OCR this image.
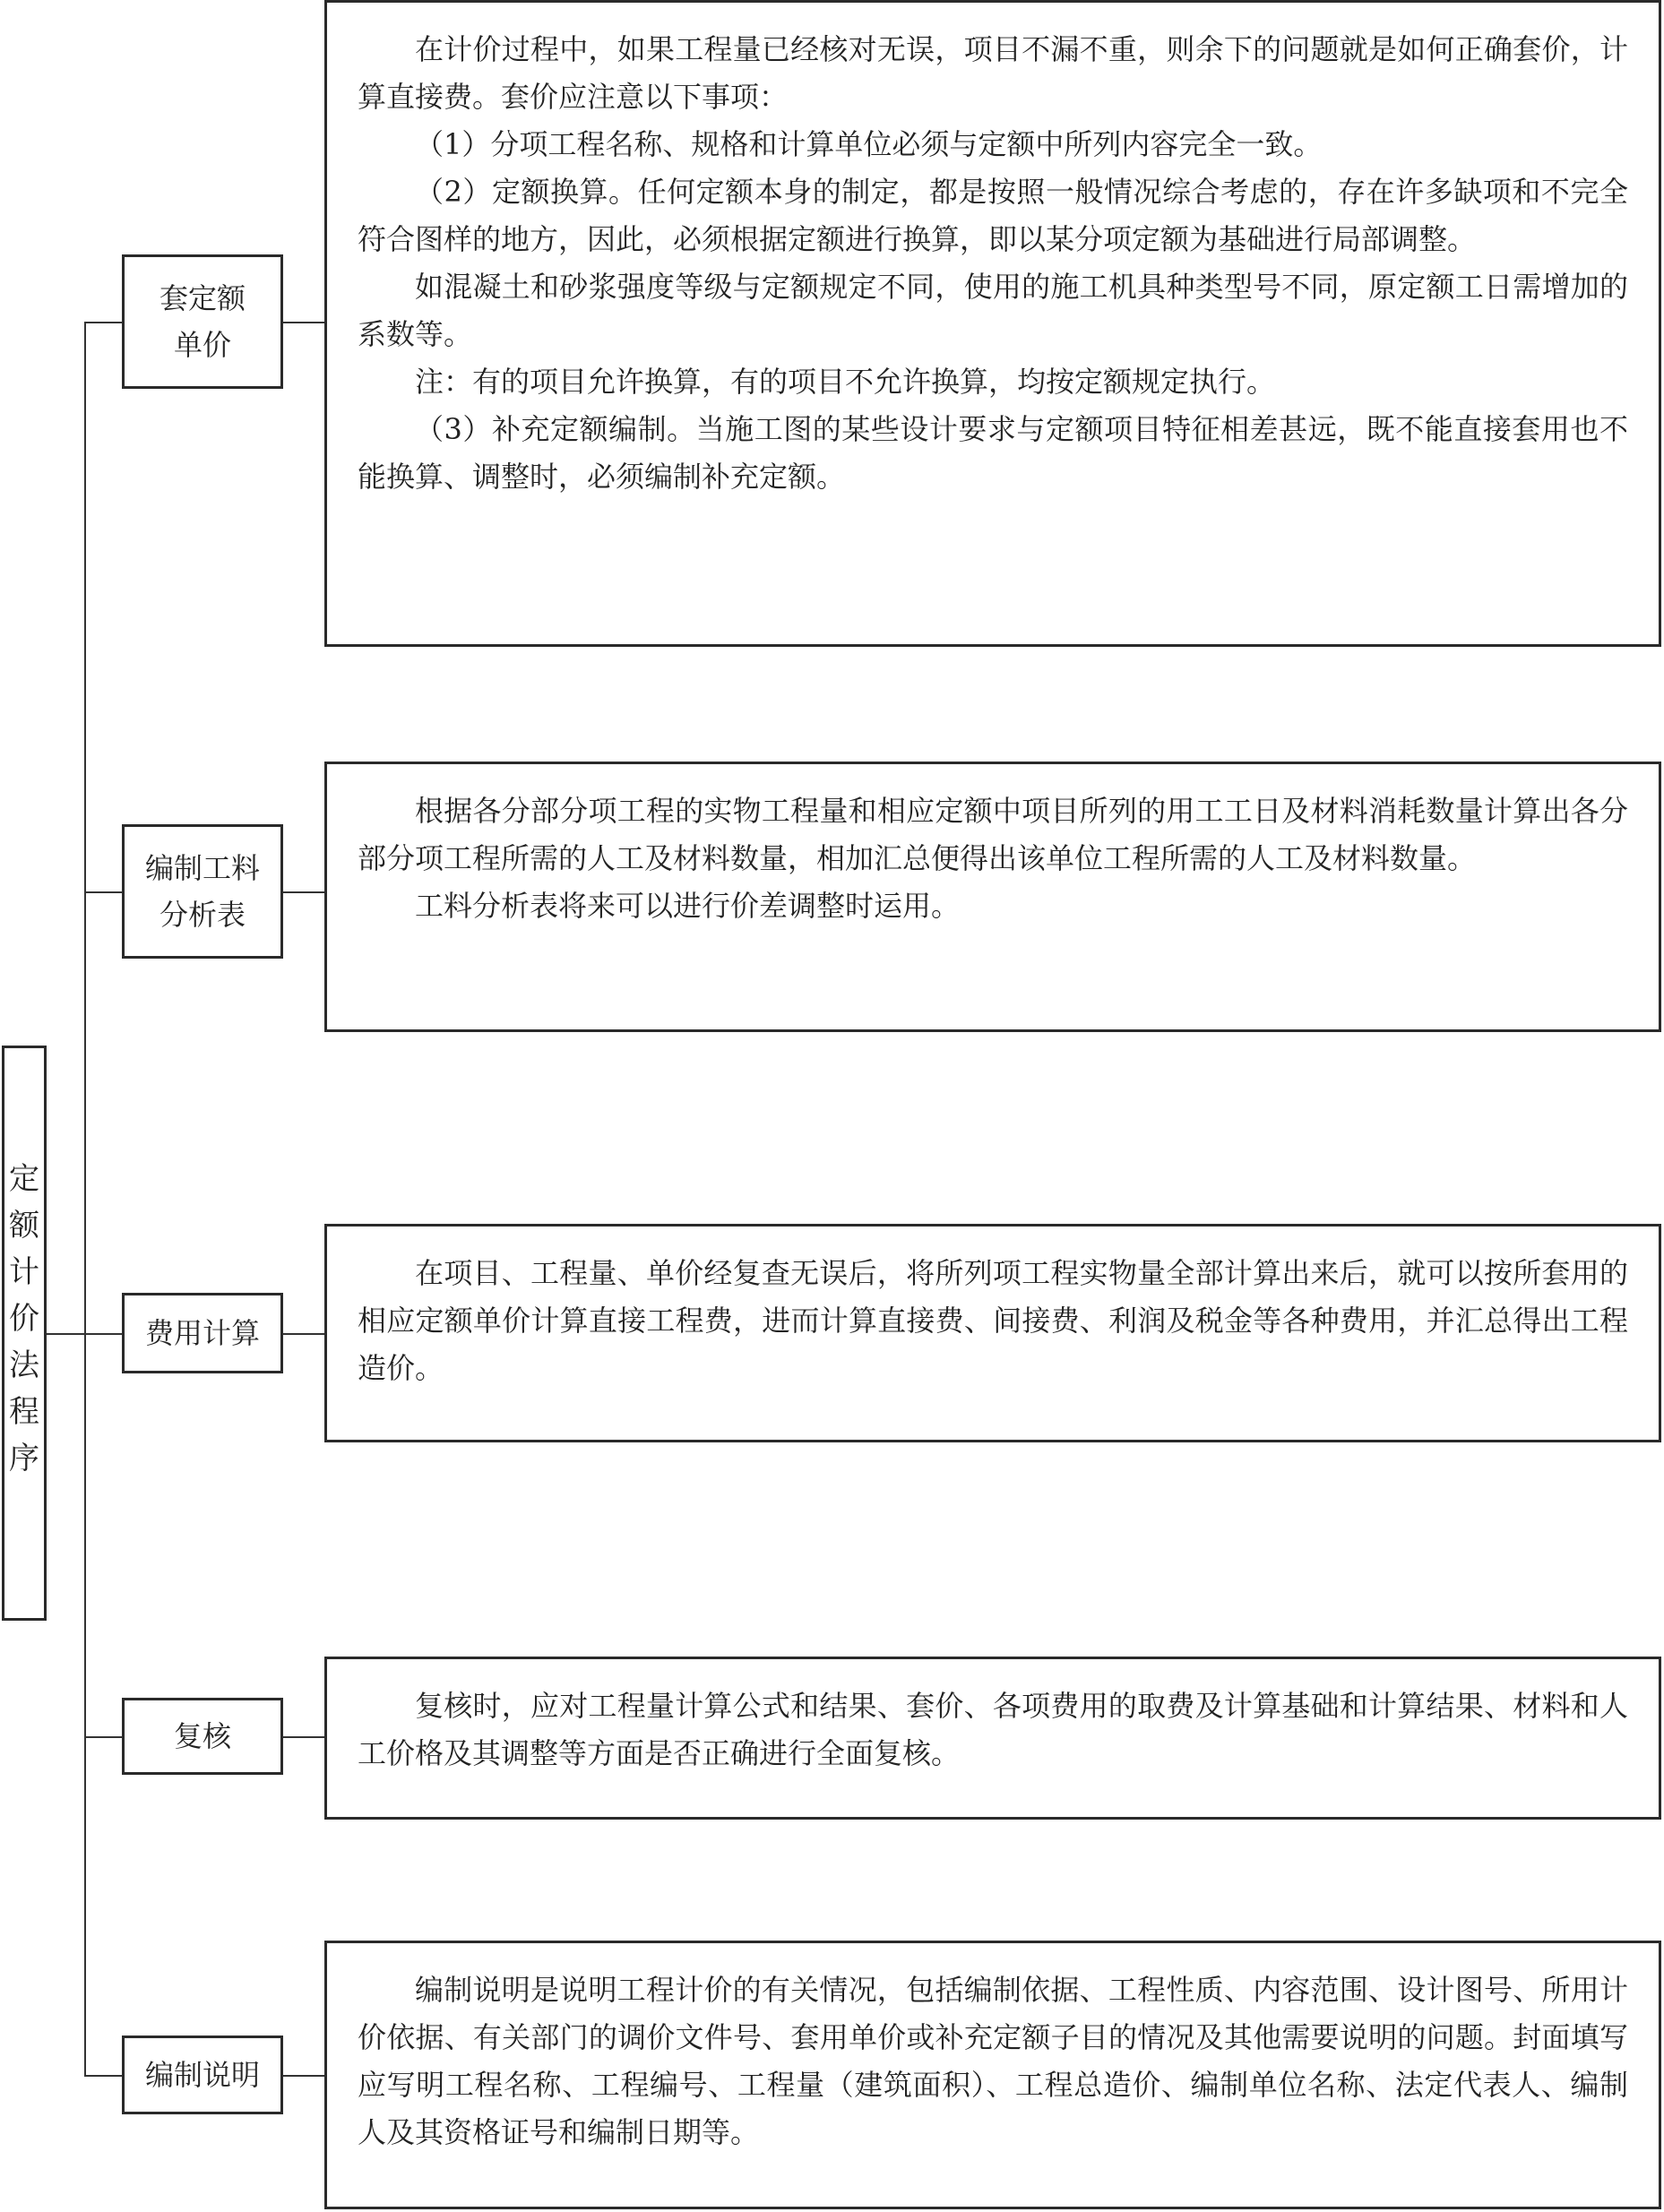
定
额
计
价
法
程
序
套定额
单价

在计价过程中，如果工程量已经核对无误，项目不漏不重，则余下的问题就是如何正确套价，计算直接费。套价应注意以下事项：

（1）分项工程名称、规格和计算单位必须与定额中所列内容完全一致。

（2）定额换算。任何定额本身的制定，都是按照一般情况综合考虑的，存在许多缺项和不完全符合图样的地方，因此，必须根据定额进行换算，即以某分项定额为基础进行局部调整。

如混凝土和砂浆强度等级与定额规定不同，使用的施工机具种类型号不同，原定额工日需增加的系数等。

注：有的项目允许换算，有的项目不允许换算，均按定额规定执行。

（3）补充定额编制。当施工图的某些设计要求与定额项目特征相差甚远，既不能直接套用也不能换算、调整时，必须编制补充定额。

编制工料
分析表

根据各分部分项工程的实物工程量和相应定额中项目所列的用工工日及材料消耗数量计算出各分部分项工程所需的人工及材料数量，相加汇总便得出该单位工程所需的人工及材料数量。

工料分析表将来可以进行价差调整时运用。

费用计算

在项目、工程量、单价经复查无误后，将所列项工程实物量全部计算出来后，就可以按所套用的相应定额单价计算直接工程费，进而计算直接费、间接费、利润及税金等各种费用，并汇总得出工程造价。

复核

复核时，应对工程量计算公式和结果、套价、各项费用的取费及计算基础和计算结果、材料和人工价格及其调整等方面是否正确进行全面复核。

编制说明

编制说明是说明工程计价的有关情况，包括编制依据、工程性质、内容范围、设计图号、所用计价依据、有关部门的调价文件号、套用单价或补充定额子目的情况及其他需要说明的问题。封面填写应写明工程名称、工程编号、工程量（建筑面积）、工程总造价、编制单位名称、法定代表人、编制人及其资格证号和编制日期等。
